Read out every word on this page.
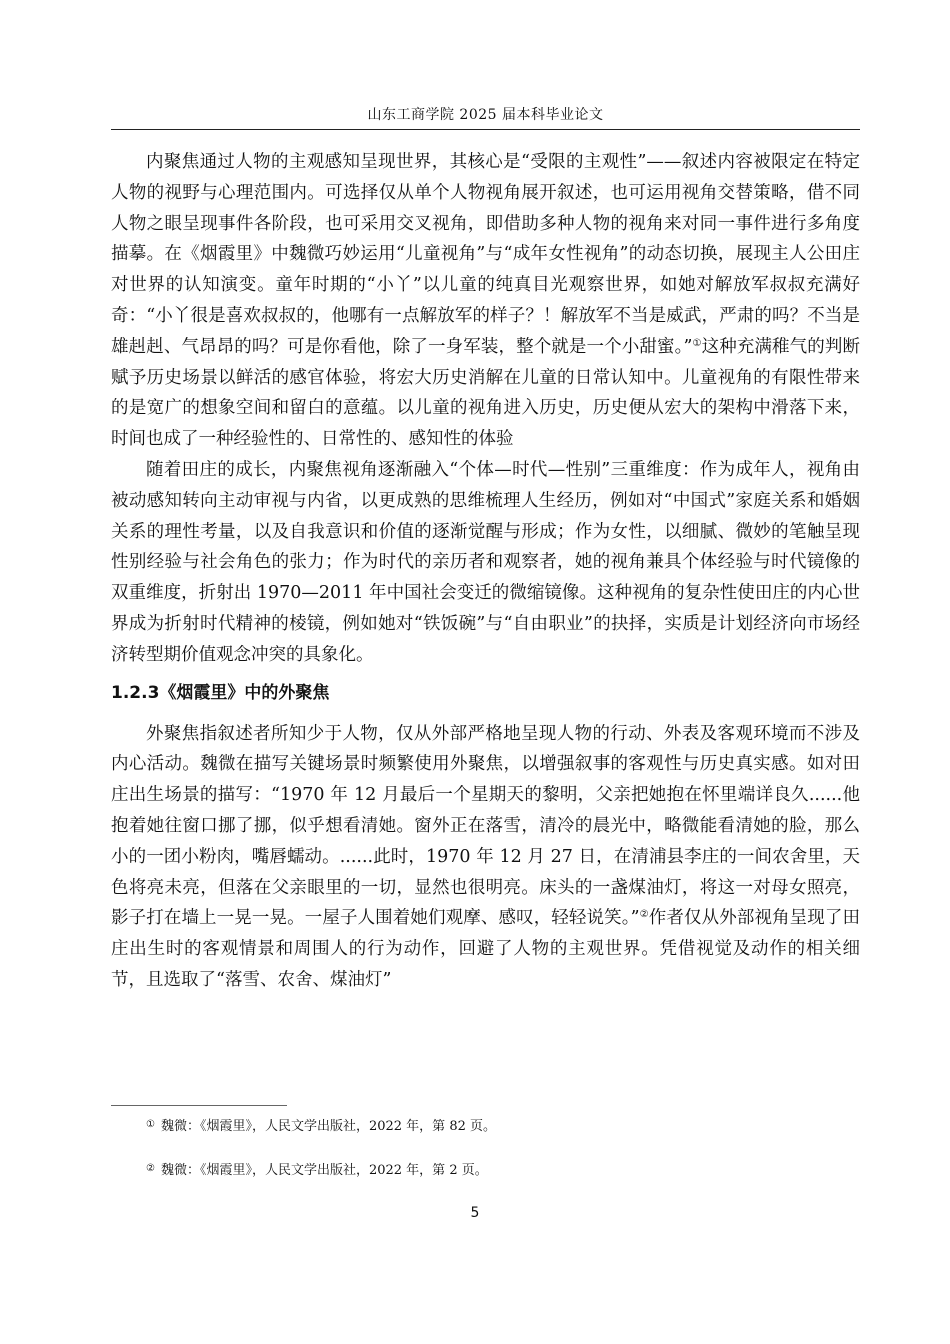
山东工商学院 2025 届本科毕业论文

内聚焦通过人物的主观感知呈现世界，其核心是“受限的主观性”——叙述内容被限定在特定人物的视野与心理范围内。可选择仅从单个人物视角展开叙述，也可运用视角交替策略，借不同人物之眼呈现事件各阶段，也可采用交叉视角，即借助多种人物的视角来对同一事件进行多角度描摹。在《烟霞里》中魏微巧妙运用“儿童视角”与“成年女性视角”的动态切换，展现主人公田庄对世界的认知演变。童年时期的“小丫”以儿童的纯真目光观察世界，如她对解放军叔叔充满好奇：“小丫很是喜欢叔叔的，他哪有一点解放军的样子？！解放军不当是威武，严肃的吗？不当是雄赳赳、气昂昂的吗？可是你看他，除了一身军装，整个就是一个小甜蜜。”①这种充满稚气的判断赋予历史场景以鲜活的感官体验，将宏大历史消解在儿童的日常认知中。儿童视角的有限性带来的是宽广的想象空间和留白的意蕴。以儿童的视角进入历史，历史便从宏大的架构中滑落下来，时间也成了一种经验性的、日常性的、感知性的体验

随着田庄的成长，内聚焦视角逐渐融入“个体—时代—性别”三重维度：作为成年人，视角由被动感知转向主动审视与内省，以更成熟的思维梳理人生经历，例如对“中国式”家庭关系和婚姻关系的理性考量，以及自我意识和价值的逐渐觉醒与形成；作为女性，以细腻、微妙的笔触呈现性别经验与社会角色的张力；作为时代的亲历者和观察者，她的视角兼具个体经验与时代镜像的双重维度，折射出 1970—2011 年中国社会变迁的微缩镜像。这种视角的复杂性使田庄的内心世界成为折射时代精神的棱镜，例如她对“铁饭碗”与“自由职业”的抉择，实质是计划经济向市场经济转型期价值观念冲突的具象化。

1.2.3《烟霞里》中的外聚焦

外聚焦指叙述者所知少于人物，仅从外部严格地呈现人物的行动、外表及客观环境而不涉及内心活动。魏微在描写关键场景时频繁使用外聚焦，以增强叙事的客观性与历史真实感。如对田庄出生场景的描写：“1970 年 12 月最后一个星期天的黎明，父亲把她抱在怀里端详良久......他抱着她往窗口挪了挪，似乎想看清她。窗外正在落雪，清冷的晨光中，略微能看清她的脸，那么小的一团小粉肉，嘴唇蠕动。......此时，1970 年 12 月 27 日，在清浦县李庄的一间农舍里，天色将亮未亮，但落在父亲眼里的一切，显然也很明亮。床头的一盏煤油灯，将这一对母女照亮，影子打在墙上一晃一晃。一屋子人围着她们观摩、感叹，轻轻说笑。”②作者仅从外部视角呈现了田庄出生时的客观情景和周围人的行为动作，回避了人物的主观世界。凭借视觉及动作的相关细节，且选取了“落雪、农舍、煤油灯”

① 魏微：《烟霞里》，人民文学出版社，2022 年，第 82 页。
② 魏微：《烟霞里》，人民文学出版社，2022 年，第 2 页。
5
